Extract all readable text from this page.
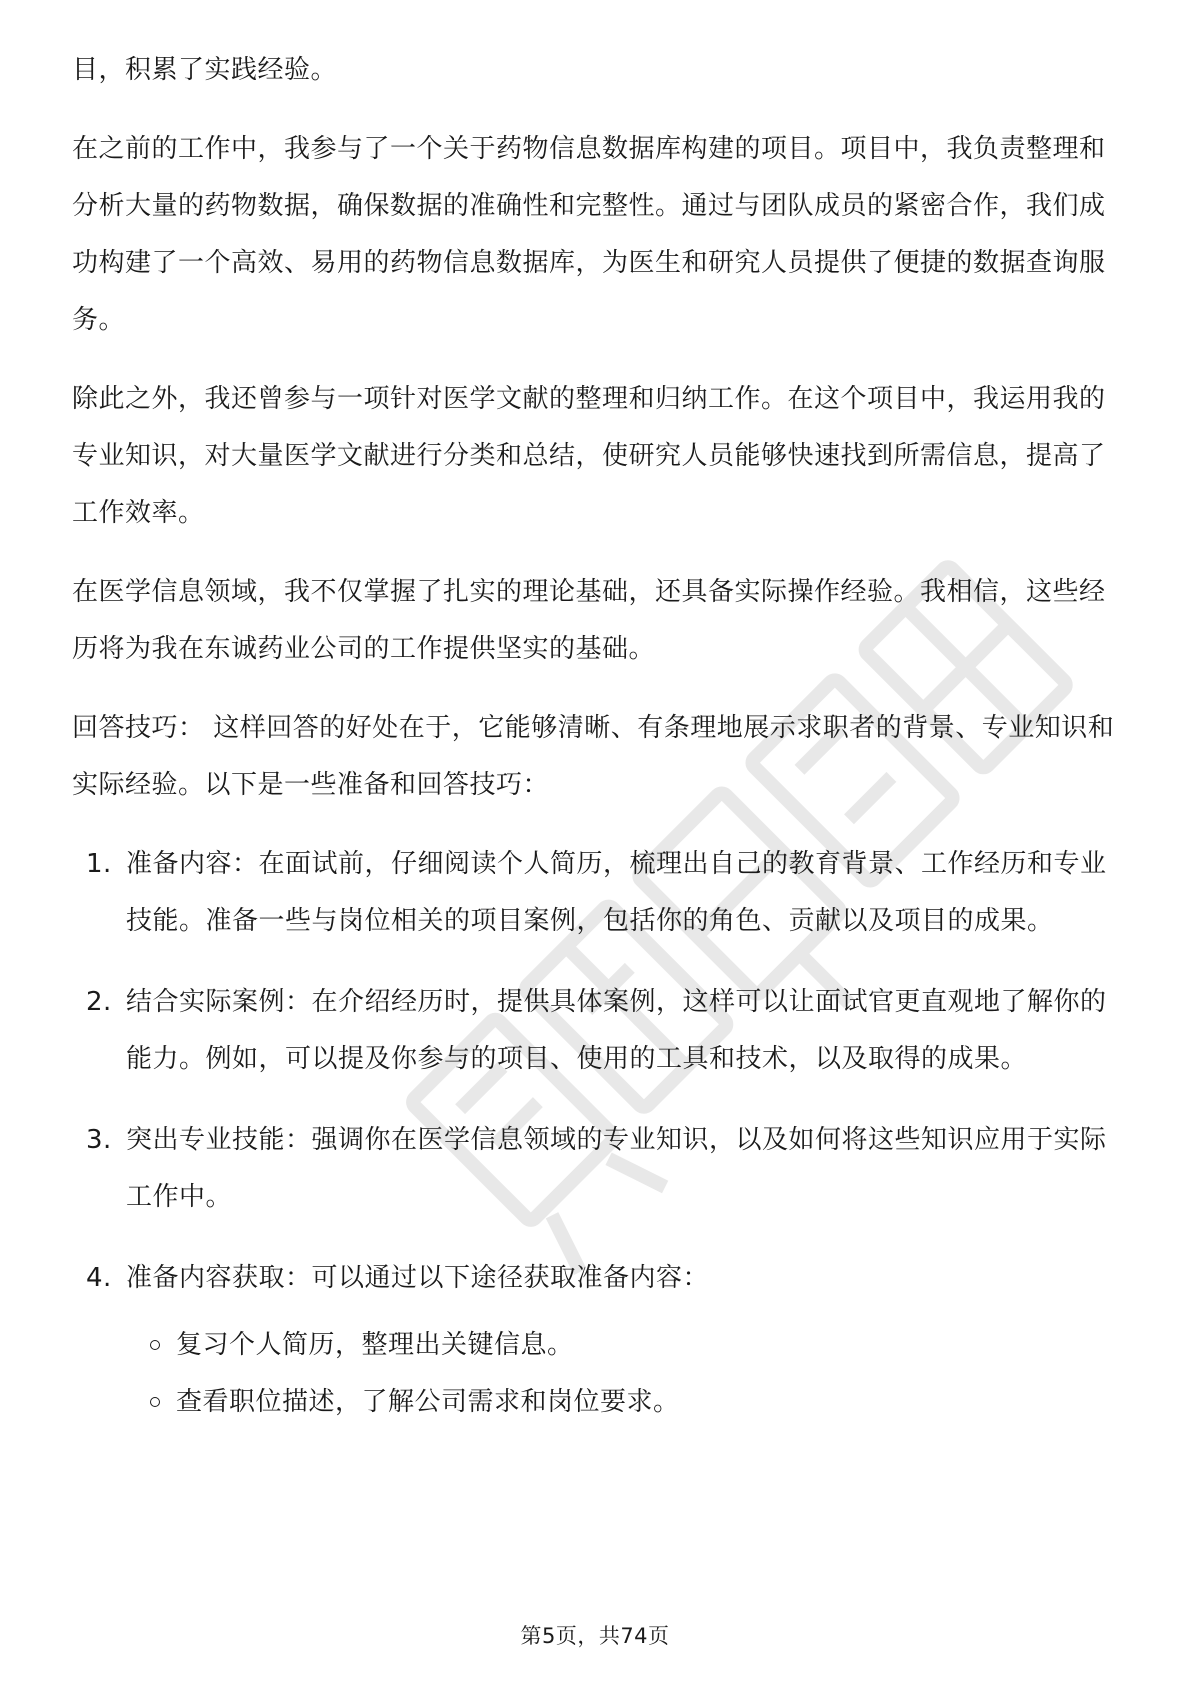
目，积累了实践经验。

在之前的工作中，我参与了一个关于药物信息数据库构建的项目。项目中，我负责整理和分析大量的药物数据，确保数据的准确性和完整性。通过与团队成员的紧密合作，我们成功构建了一个高效、易用的药物信息数据库，为医生和研究人员提供了便捷的数据查询服务。

除此之外，我还曾参与一项针对医学文献的整理和归纳工作。在这个项目中，我运用我的专业知识，对大量医学文献进行分类和总结，使研究人员能够快速找到所需信息，提高了工作效率。

在医学信息领域，我不仅掌握了扎实的理论基础，还具备实际操作经验。我相信，这些经历将为我在东诚药业公司的工作提供坚实的基础。

回答技巧： 这样回答的好处在于，它能够清晰、有条理地展示求职者的背景、专业知识和实际经验。以下是一些准备和回答技巧：

1. 准备内容：在面试前，仔细阅读个人简历，梳理出自己的教育背景、工作经历和专业技能。准备一些与岗位相关的项目案例，包括你的角色、贡献以及项目的成果。
2. 结合实际案例：在介绍经历时，提供具体案例，这样可以让面试官更直观地了解你的能力。例如，可以提及你参与的项目、使用的工具和技术，以及取得的成果。
3. 突出专业技能：强调你在医学信息领域的专业知识，以及如何将这些知识应用于实际工作中。
4. 准备内容获取：可以通过以下途径获取准备内容：
复习个人简历，整理出关键信息。
查看职位描述，了解公司需求和岗位要求。
第5页，共74页
